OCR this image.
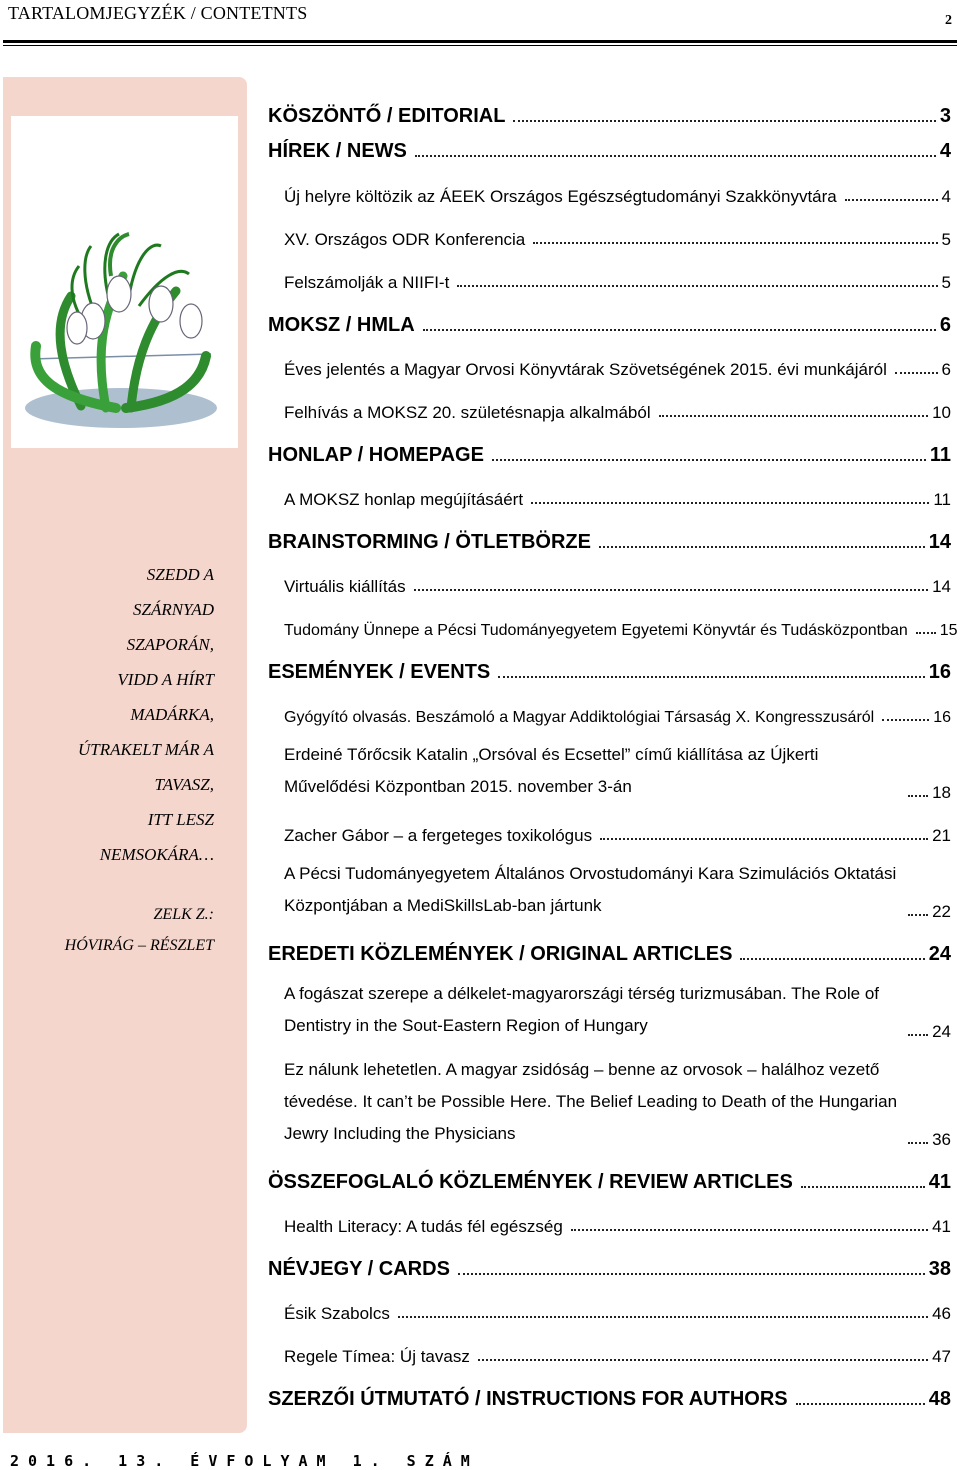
TARTALOMJEGYZÉK / CONTETNTS	2
SZEDD A
SZÁRNYAD
SZAPORÁN,
VIDD A HÍRT
MADÁRKA,
ÚTRAKELT MÁR A
TAVASZ,
ITT LESZ
NEMSOKÁRA…
ZELK Z.:
HÓVIRÁG – RÉSZLET
KÖSZÖNTŐ / EDITORIAL	3
HÍREK / NEWS	4
Új helyre költözik az ÁEEK Országos Egészségtudományi Szakkönyvtára	4
XV. Országos ODR Konferencia	5
Felszámolják a NIIFI-t	5
MOKSZ / HMLA	6
Éves jelentés a Magyar Orvosi Könyvtárak Szövetségének 2015. évi munkájáról	6
Felhívás a MOKSZ 20. születésnapja alkalmából	10
HONLAP / HOMEPAGE	11
A MOKSZ honlap megújításáért	11
BRAINSTORMING / ÖTLETBÖRZE	14
Virtuális kiállítás	14
Tudomány Ünnepe a Pécsi Tudományegyetem Egyetemi Könyvtár és Tudásközpontban 15
ESEMÉNYEK / EVENTS	16
Gyógyító olvasás. Beszámoló a Magyar Addiktológiai Társaság X. Kongresszusáról	16
Erdeiné Tőrőcsik Katalin „Orsóval és Ecsettel” című kiállítása az Újkerti Művelődési Központban 2015. november 3-án	18
Zacher Gábor – a fergeteges toxikológus	21
A Pécsi Tudományegyetem Általános Orvostudományi Kara Szimulációs Oktatási Központjában a MediSkillsLab-ban jártunk	22
EREDETI KÖZLEMÉNYEK / ORIGINAL ARTICLES	24
A fogászat szerepe a délkelet-magyarországi térség turizmusában. The Role of Dentistry in the Sout-Eastern Region of Hungary	24
Ez nálunk lehetetlen. A magyar zsidóság – benne az orvosok – halálhoz vezető tévedése. It can’t be Possible Here. The Belief Leading to Death of the Hungarian Jewry Including the Physicians	36
ÖSSZEFOGLALÓ KÖZLEMÉNYEK / REVIEW ARTICLES	41
Health Literacy: A tudás fél egészség	41
NÉVJEGY / CARDS	38
Ésik Szabolcs	46
Regele Tímea: Új tavasz	47
SZERZŐI ÚTMUTATÓ / INSTRUCTIONS FOR AUTHORS	48
2016. 13. ÉVFOLYAM 1. SZÁM
